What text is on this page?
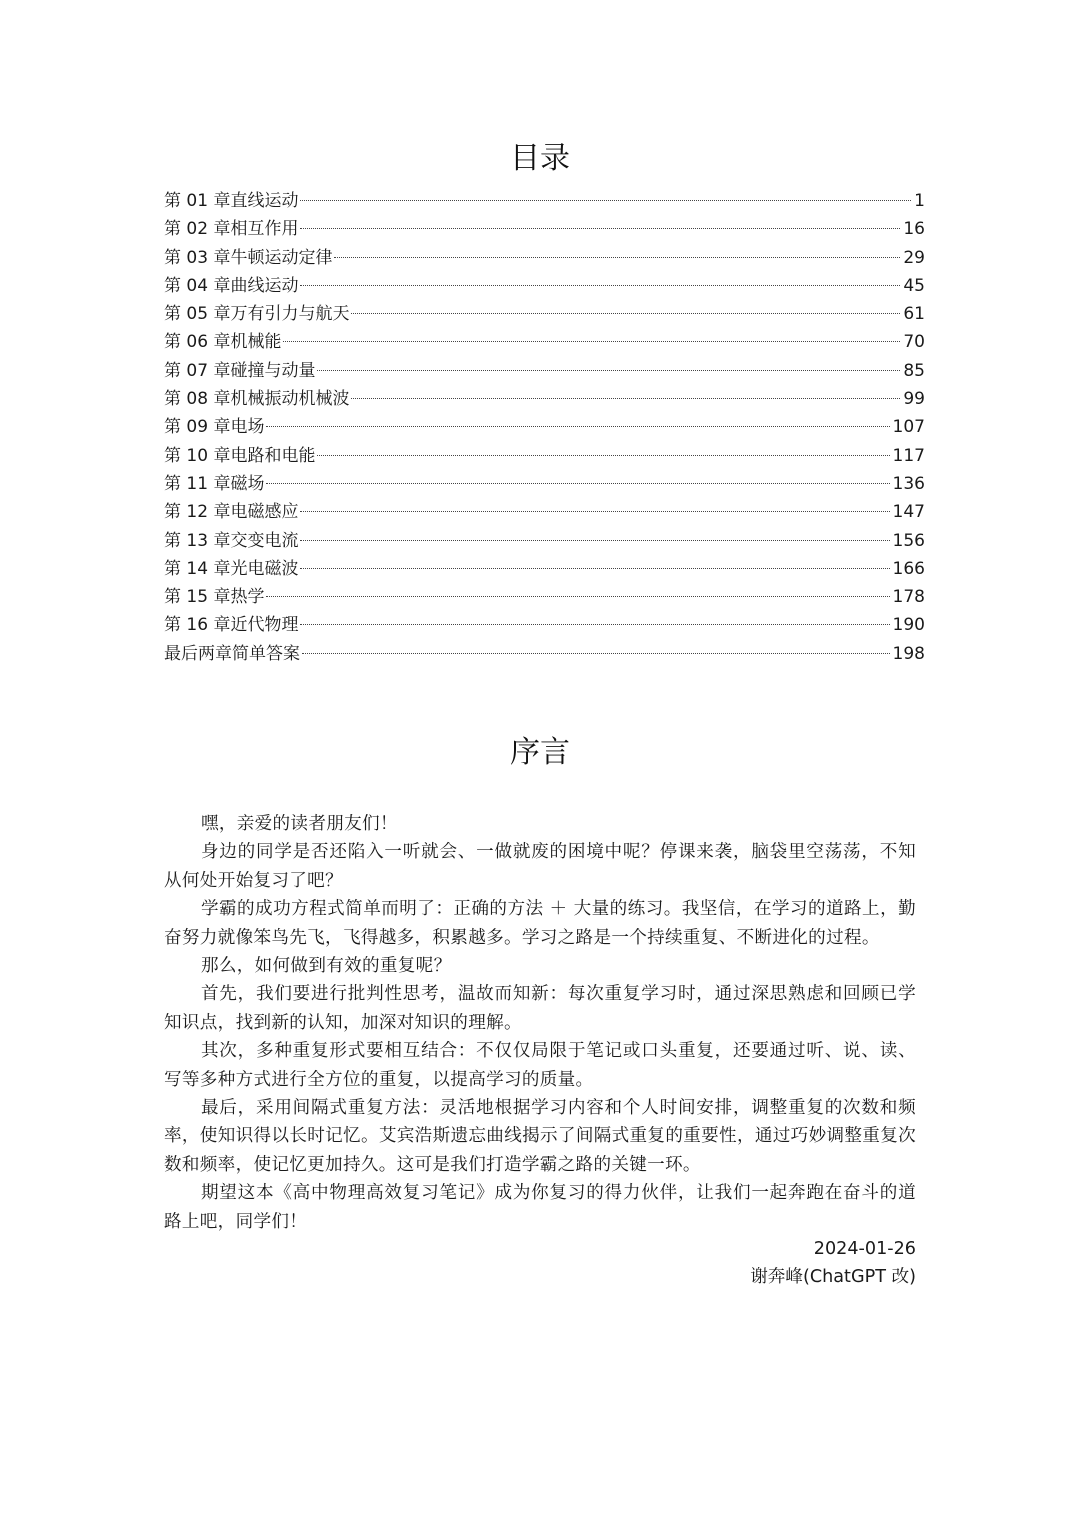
目录
第 01 章直线运动	1
第 02 章相互作用	16
第 03 章牛顿运动定律	29
第 04 章曲线运动	45
第 05 章万有引力与航天	61
第 06 章机械能	70
第 07 章碰撞与动量	85
第 08 章机械振动机械波	99
第 09 章电场	107
第 10 章电路和电能	117
第 11 章磁场	136
第 12 章电磁感应	147
第 13 章交变电流	156
第 14 章光电磁波	166
第 15 章热学	178
第 16 章近代物理	190
最后两章简单答案	198
序言

嘿，亲爱的读者朋友们！

身边的同学是否还陷入一听就会、一做就废的困境中呢？停课来袭，脑袋里空荡荡，不知从何处开始复习了吧？

学霸的成功方程式简单而明了：正确的方法 ＋ 大量的练习。我坚信，在学习的道路上，勤奋努力就像笨鸟先飞，飞得越多，积累越多。学习之路是一个持续重复、不断进化的过程。

那么，如何做到有效的重复呢？

首先，我们要进行批判性思考，温故而知新：每次重复学习时，通过深思熟虑和回顾已学知识点，找到新的认知，加深对知识的理解。

其次，多种重复形式要相互结合：不仅仅局限于笔记或口头重复，还要通过听、说、读、写等多种方式进行全方位的重复，以提高学习的质量。

最后，采用间隔式重复方法：灵活地根据学习内容和个人时间安排，调整重复的次数和频率，使知识得以长时记忆。艾宾浩斯遗忘曲线揭示了间隔式重复的重要性，通过巧妙调整重复次数和频率，使记忆更加持久。这可是我们打造学霸之路的关键一环。

期望这本《高中物理高效复习笔记》成为你复习的得力伙伴，让我们一起奔跑在奋斗的道路上吧，同学们！

2024-01-26
谢奔峰(ChatGPT 改)
